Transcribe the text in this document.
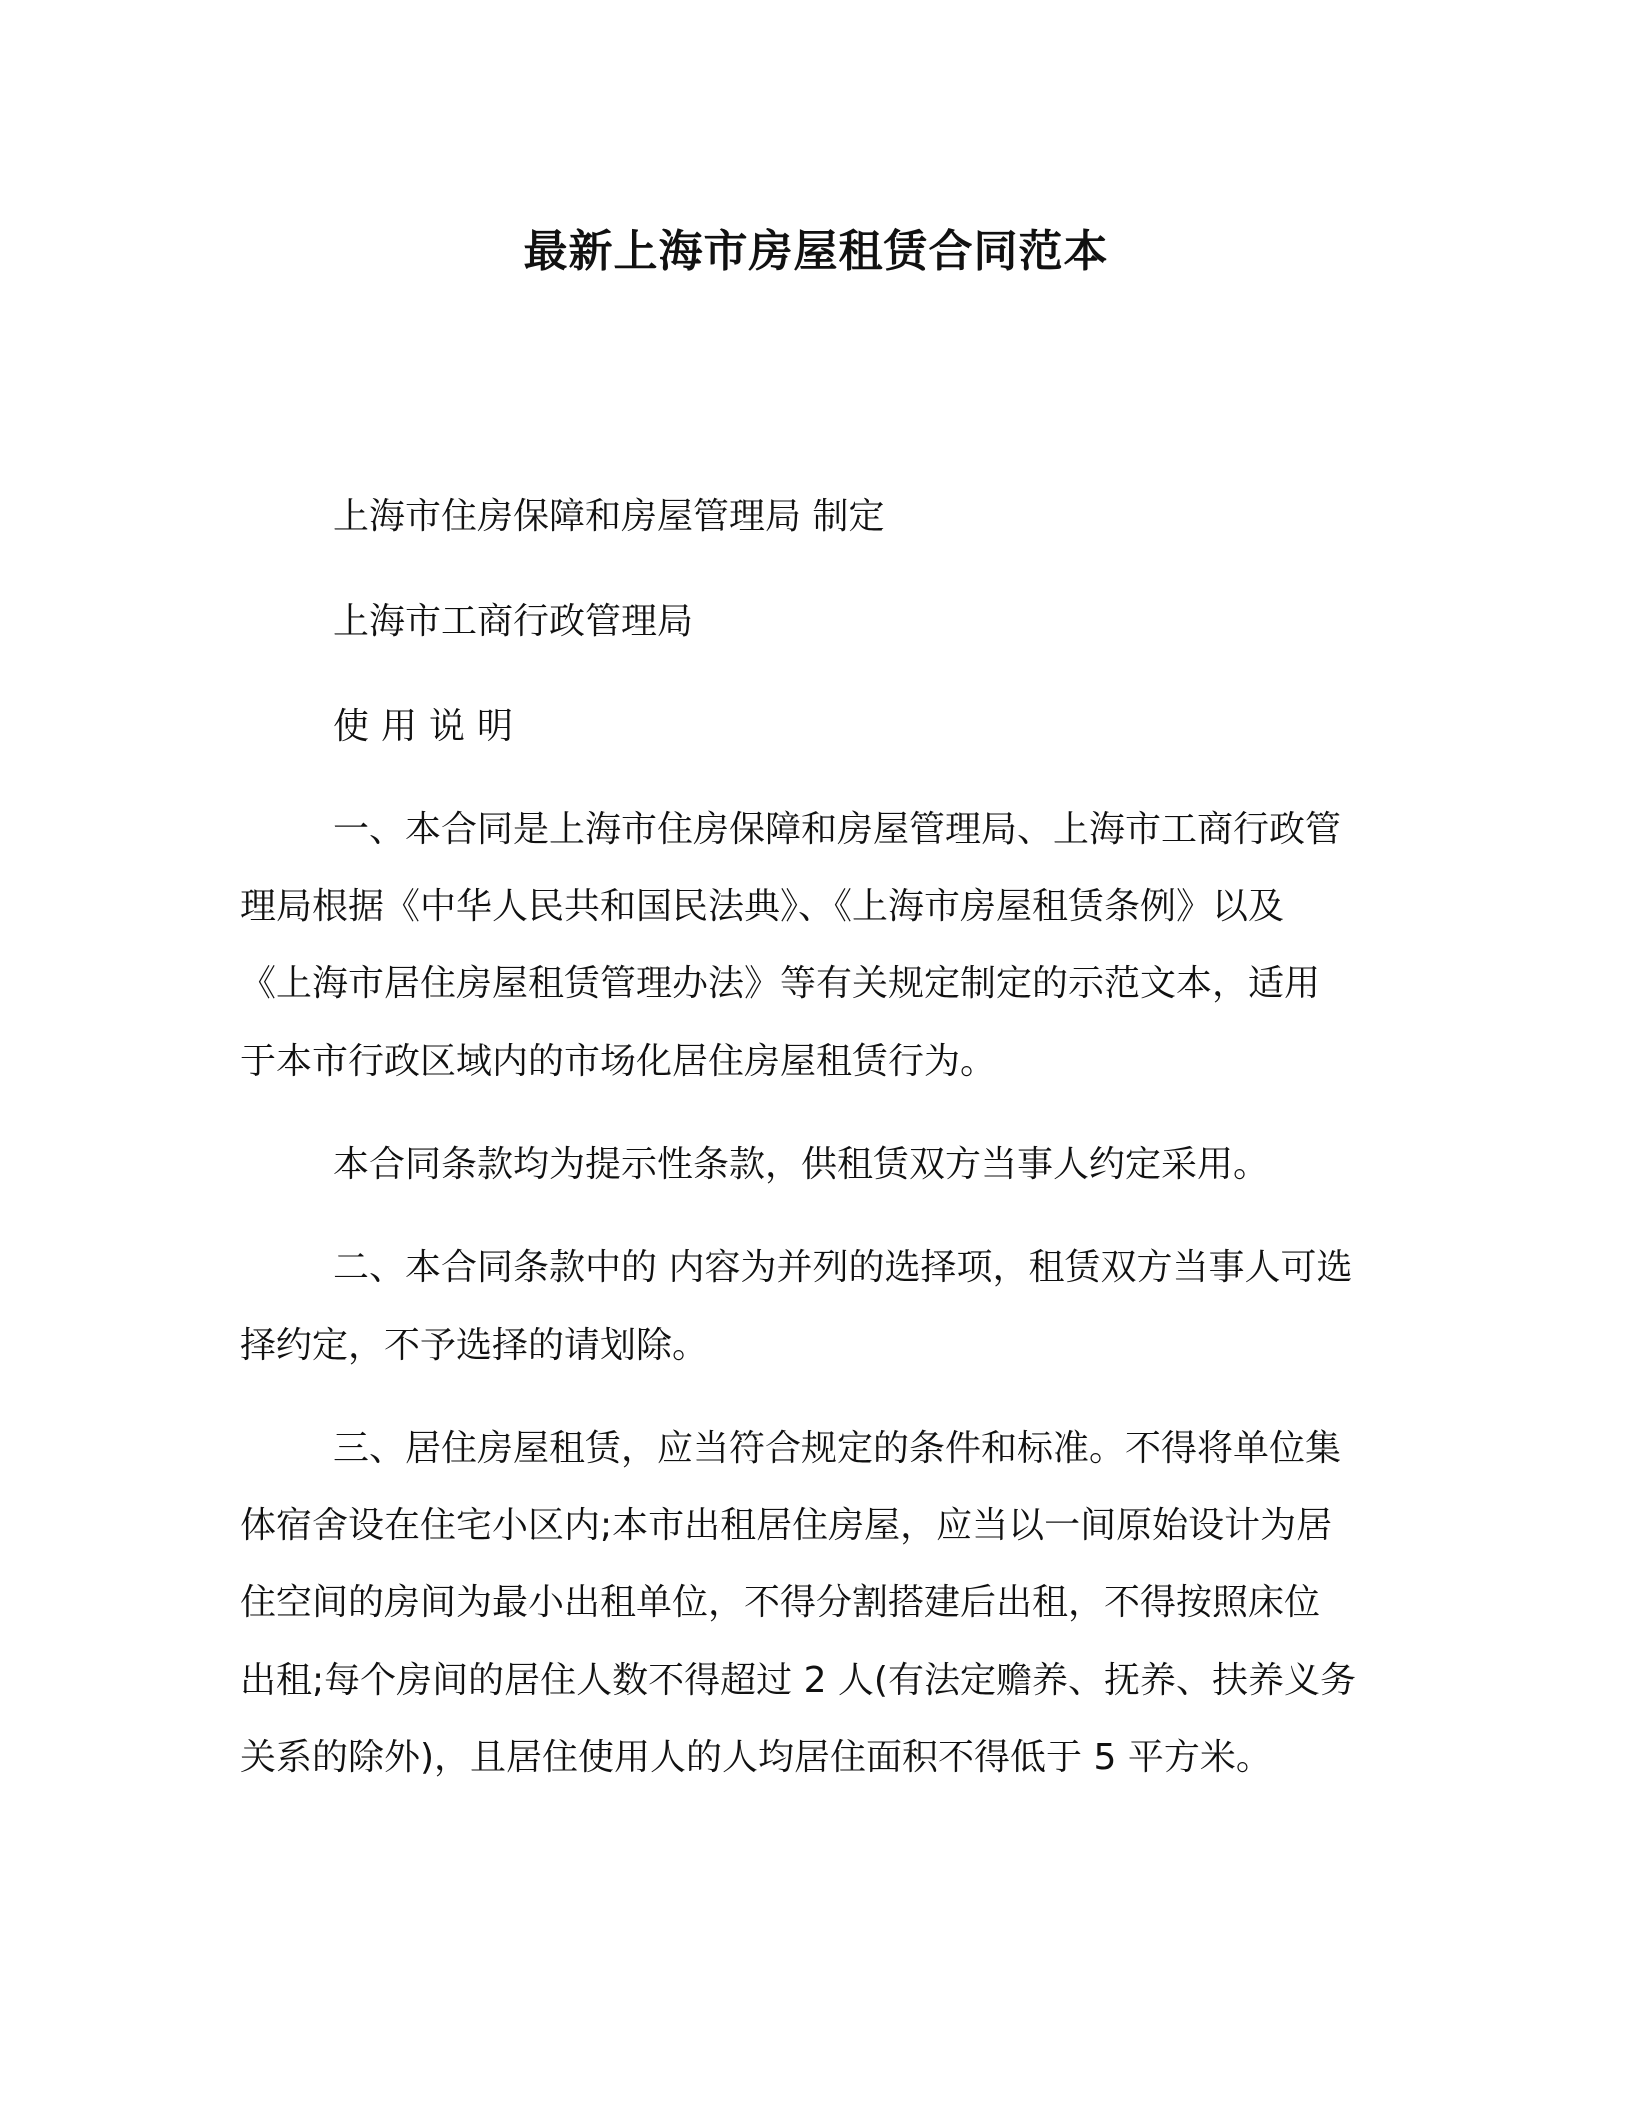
最新上海市房屋租赁合同范本

上海市住房保障和房屋管理局 制定

上海市工商行政管理局

使用说明

一、本合同是上海市住房保障和房屋管理局、上海市工商行政管

理局根据《中华人民共和国民法典》、《上海市房屋租赁条例》以及

《上海市居住房屋租赁管理办法》等有关规定制定的示范文本，适用

于本市行政区域内的市场化居住房屋租赁行为。

本合同条款均为提示性条款，供租赁双方当事人约定采用。

二、本合同条款中的 内容为并列的选择项，租赁双方当事人可选

择约定，不予选择的请划除。

三、居住房屋租赁，应当符合规定的条件和标准。不得将单位集

体宿舍设在住宅小区内;本市出租居住房屋，应当以一间原始设计为居

住空间的房间为最小出租单位，不得分割搭建后出租，不得按照床位

出租;每个房间的居住人数不得超过 2 人(有法定赡养、抚养、扶养义务

关系的除外)，且居住使用人的人均居住面积不得低于 5 平方米。
